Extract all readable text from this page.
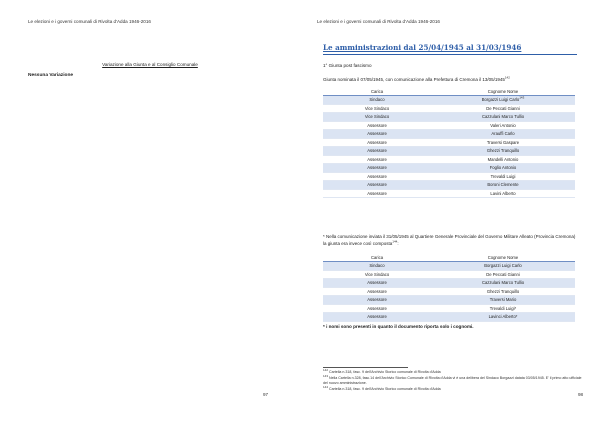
Le elezioni e i governi comunali di Rivolta d'Adda 1946-2016
Variazione alla Giunta e al Consiglio Comunale
Nessuna Variazione
97
Le elezioni e i governi comunali di Rivolta d'Adda 1946-2016
Le amministrazioni dal 25/04/1945 al 31/03/1946
1° Giunta post fascismo
Giunta nominata il 07/05/1945, con comunicazione alla Prefettura di Cremona il 13/05/1945$^{142}$
Carica	Cognome Nome
Sindaco	Borgazzi Luigi Carlo$^{143}$
Vice Sindaco	De Peccati Gianni
Vice Sindaco	Cazzulani Marco Tullio
Assessore	Valeri Antonio
Assessore	Arauffi Carlo
Assessore	Traversi Gaspare
Assessore	Ghezzi Tranquillo
Assessore	Mandelli Antonio
Assessore	Foglio Antonio
Assessore	Trevaldi Luigi
Assessore	Boroni Clemente
Assessore	Lavini Alberto
* Nella comunicazione inviata il 31/05/1945 al Quartiere Generale Provinciale del Governo Militare Alleato (Provincia Cremona) la giunta era invece così composta$^{144}$:
Carica	Cognome Nome
Sindaco	Borgazzi Luigi Carlo
Vice Sindaco	De Peccati Gianni
Assessore	Cazzulani Marco Tullio
Assessore	Ghezzi Tranquillo
Assessore	Traversi Mario
Assessore	Trevaldi Luigi*
Assessore	Lavinci Alberto*
* i nomi sono presenti in quanto il documento riporta solo i cognomi.
$^{142}$ Cartella n.318, fasc. 9 dell'Archivio Storico comunale di Rivolta d'Adda
$^{143}$ Nella Cartella n.328, fasc.14 dell'Archivio Storico Comunale di Rivolta d'Adda vi è una delibera del Sindaco Borgazzi datata 03/05/1945. E' il primo atto ufficiale del nuovo amministrazione.
$^{144}$ Cartella n.318, fasc. 9 dell'Archivio Storico comunale di Rivolta d'Adda
98
